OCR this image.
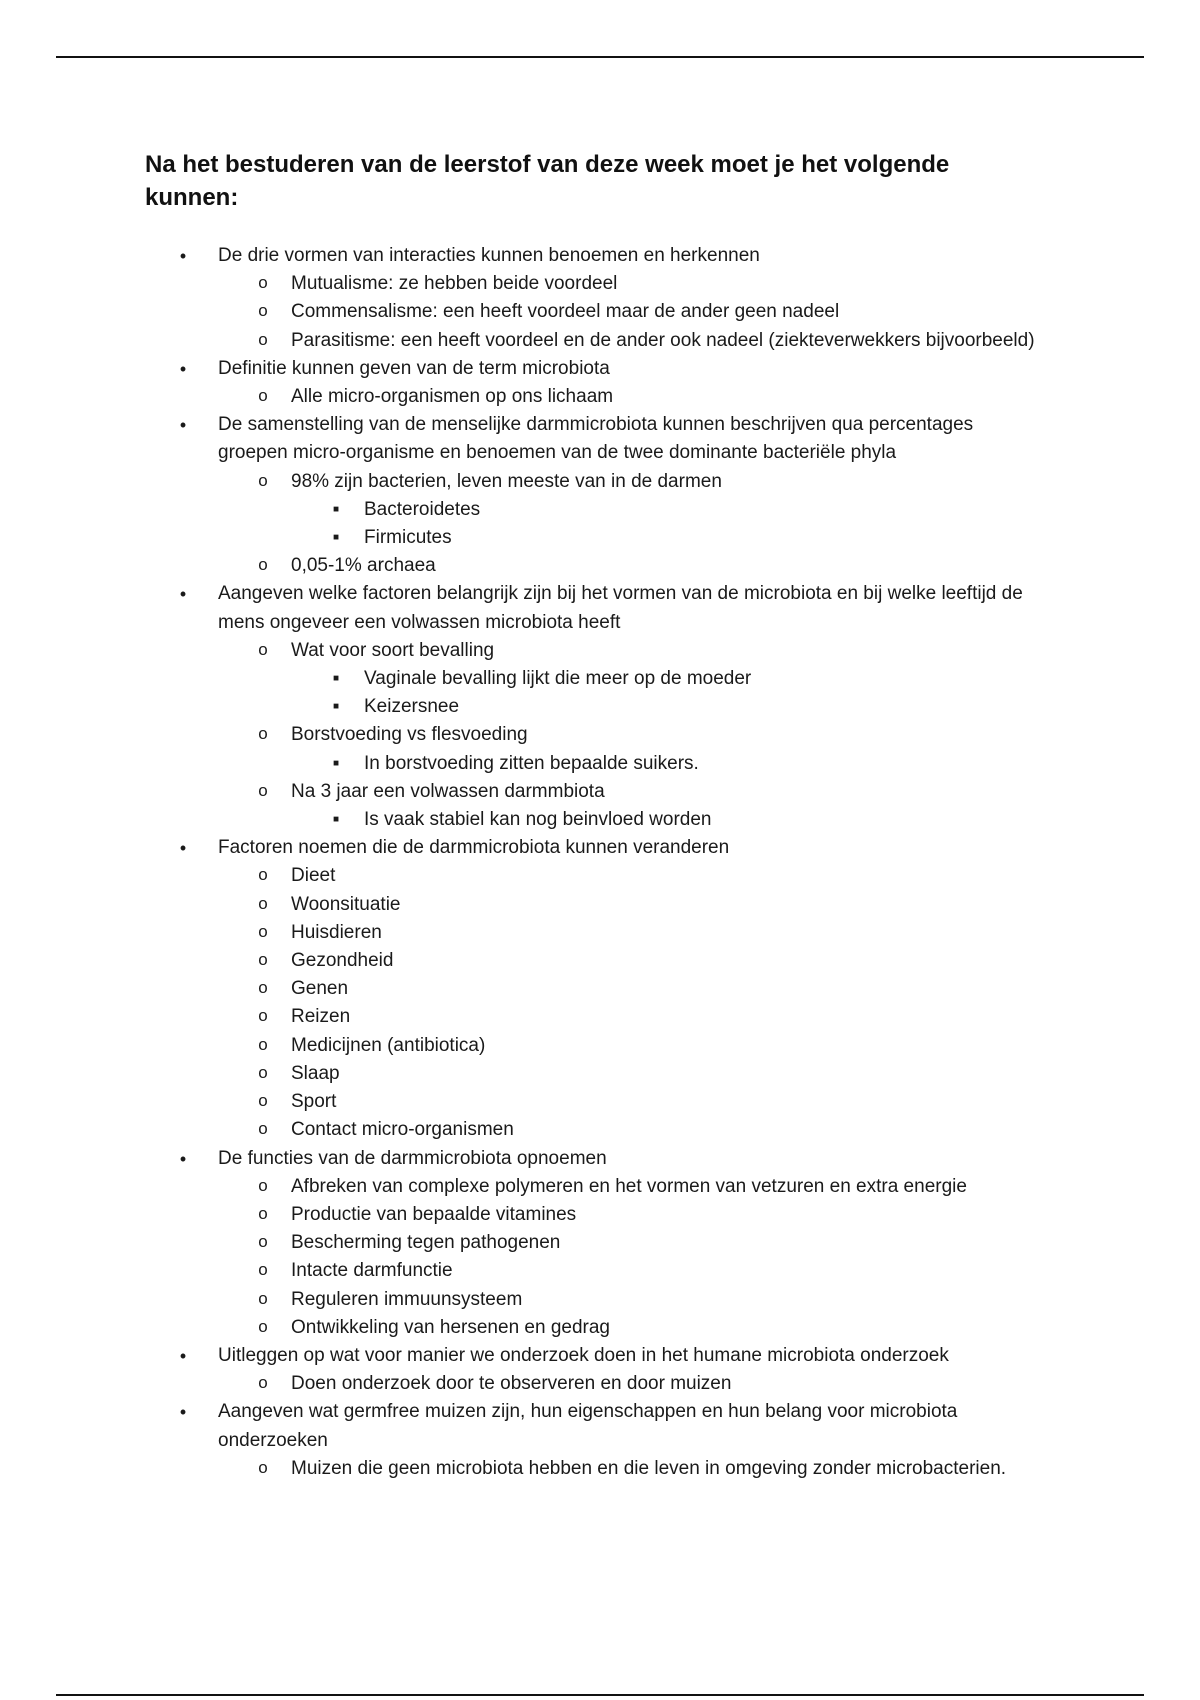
Na het bestuderen van de leerstof van deze week moet je het volgende kunnen:
•	De drie vormen van interacties kunnen benoemen en herkennen
o Mutualisme: ze hebben beide voordeel
o Commensalisme: een heeft voordeel maar de ander geen nadeel
o Parasitisme: een heeft voordeel en de ander ook nadeel (ziekteverwekkers bijvoorbeeld)
•	Definitie kunnen geven van de term microbiota
o Alle micro-organismen op ons lichaam
•	De samenstelling van de menselijke darmmicrobiota kunnen beschrijven qua percentages groepen micro-organisme en benoemen van de twee dominante bacteriële phyla
o 98% zijn bacterien, leven meeste van in de darmen
■	Bacteroidetes
■	Firmicutes
o 0,05-1% archaea
•	Aangeven welke factoren belangrijk zijn bij het vormen van de microbiota en bij welke leeftijd de mens ongeveer een volwassen microbiota heeft
o Wat voor soort bevalling
■	Vaginale bevalling lijkt die meer op de moeder
■	Keizersnee
o Borstvoeding vs flesvoeding
■	In borstvoeding zitten bepaalde suikers.
o Na 3 jaar een volwassen darmmbiota
■	Is vaak stabiel kan nog beinvloed worden
•	Factoren noemen die de darmmicrobiota kunnen veranderen
o Dieet
o Woonsituatie
o Huisdieren
o Gezondheid
o Genen
o Reizen
o Medicijnen (antibiotica)
o Slaap
o Sport
o Contact micro-organismen
•	De functies van de darmmicrobiota opnoemen
o Afbreken van complexe polymeren en het vormen van vetzuren en extra energie
o Productie van bepaalde vitamines
o Bescherming tegen pathogenen
o Intacte darmfunctie
o Reguleren immuunsysteem
o Ontwikkeling van hersenen en gedrag
•	Uitleggen op wat voor manier we onderzoek doen in het humane microbiota onderzoek
o Doen onderzoek door te observeren en door muizen
•	Aangeven wat germfree muizen zijn, hun eigenschappen en hun belang voor microbiota onderzoeken
o Muizen die geen microbiota hebben en die leven in omgeving zonder microbacterien.
